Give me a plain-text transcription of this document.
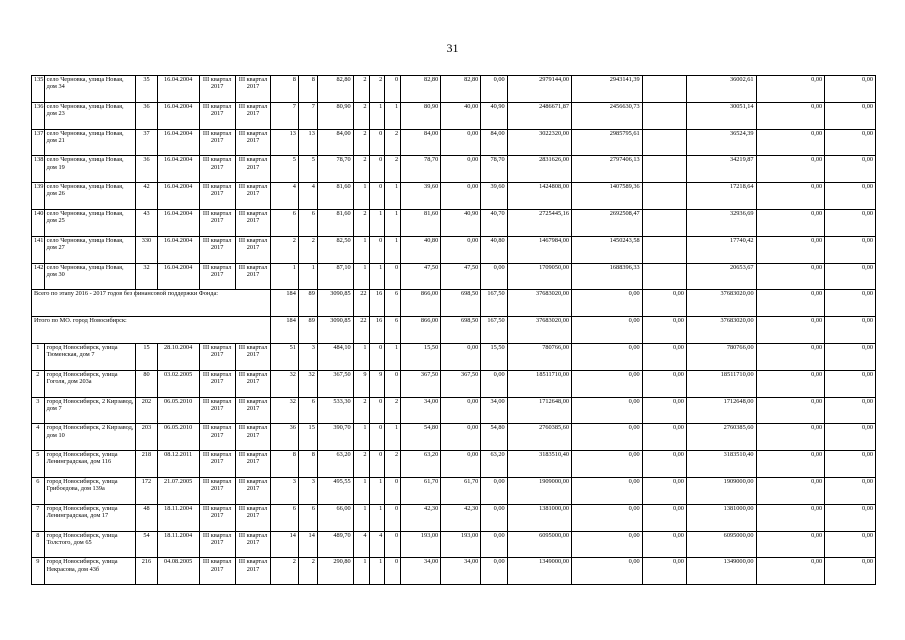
31
135	село Черновка, улица Новая, дом 34	35	16.04.2004	III квартал 2017	III квартал 2017	8	8	82,80	2	2	0	82,80	82,80	0,00	2979144,00	2943141,39		36002,61	0,00	0,00
136	село Черновка, улица Новая, дом 23	36	16.04.2004	III квартал 2017	III квартал 2017	7	7	80,90	2	1	1	80,90	40,00	40,90	2486671,87	2456630,73		30051,14	0,00	0,00
137	село Черновка, улица Новая, дом 21	37	16.04.2004	III квартал 2017	III квартал 2017	13	13	84,00	2	0	2	84,00	0,00	84,00	3022320,00	2985795,61		36524,39	0,00	0,00
138	село Черновка, улица Новая, дом 19	36	16.04.2004	III квартал 2017	III квартал 2017	5	5	78,70	2	0	2	78,70	0,00	78,70	2831626,00	2797406,13		34219,87	0,00	0,00
139	село Черновка, улица Новая, дом 26	42	16.04.2004	III квартал 2017	III квартал 2017	4	4	81,60	1	0	1	39,60	0,00	39,60	1424808,00	1407589,36		17218,64	0,00	0,00
140	село Черновка, улица Новая, дом 25	43	16.04.2004	III квартал 2017	III квартал 2017	6	6	81,60	2	1	1	81,60	40,90	40,70	2725445,16	2692508,47		32936,69	0,00	0,00
141	село Черновка, улица Новая, дом 27	330	16.04.2004	III квартал 2017	III квартал 2017	2	2	82,50	1	0	1	40,80	0,00	40,80	1467984,00	1450243,58		17740,42	0,00	0,00
142	село Черновка, улица Новая, дом 30	32	16.04.2004	III квартал 2017	III квартал 2017	1	1	87,10	1	1	0	47,50	47,50	0,00	1709050,00	1688396,33		20653,67	0,00	0,00
Всего по этапу 2016 - 2017 годов без финансовой поддержки Фонда:						184	89	3090,85	22	16	6	866,00	698,50	167,50	37683020,00	0,00	0,00	37683020,00	0,00	0,00
Итого по МО. город Новосибирск:						184	89	3090,85	22	16	6	866,00	698,50	167,50	37683020,00	0,00	0,00	37683020,00	0,00	0,00
1	город Новосибирск, улица Тюменская, дом 7	15	28.10.2004	III квартал 2017	III квартал 2017	51	3	484,10	1	0	1	15,50	0,00	15,50	780766,00	0,00	0,00	780766,00	0,00	0,00
2	город Новосибирск, улица Гоголя, дом 203а	80	03.02.2005	III квартал 2017	III квартал 2017	32	32	367,50	9	9	0	367,50	367,50	0,00	18511710,00	0,00	0,00	18511710,00	0,00	0,00
3	город Новосибирск, 2 Кирзавод, дом 7	202	06.05.2010	III квартал 2017	III квартал 2017	32	6	533,30	2	0	2	34,00	0,00	34,00	1712648,00	0,00	0,00	1712648,00	0,00	0,00
4	город Новосибирск, 2 Кирзавод, дом 10	203	06.05.2010	III квартал 2017	III квартал 2017	36	15	390,70	1	0	1	54,80	0,00	54,80	2760385,60	0,00	0,00	2760385,60	0,00	0,00
5	город Новосибирск, улица Ленинградская, дом 116	218	08.12.2011	III квартал 2017	III квартал 2017	8	8	63,20	2	0	2	63,20	0,00	63,20	3183510,40	0,00	0,00	3183510,40	0,00	0,00
6	город Новосибирск, улица Грибоедова, дом 139а	172	21.07.2005	III квартал 2017	III квартал 2017	3	3	495,55	1	1	0	61,70	61,70	0,00	1909000,00	0,00	0,00	1909000,00	0,00	0,00
7	город Новосибирск, улица Ленинградская, дом 17	48	18.11.2004	III квартал 2017	III квартал 2017	6	6	66,00	1	1	0	42,30	42,30	0,00	1381000,00	0,00	0,00	1381000,00	0,00	0,00
8	город Новосибирск, улица Толстого, дом 65	54	18.11.2004	III квартал 2017	III квартал 2017	14	14	489,70	4	4	0	193,00	193,00	0,00	6095000,00	0,00	0,00	6095000,00	0,00	0,00
9	город Новосибирск, улица Некрасова, дом 43б	216	04.08.2005	III квартал 2017	III квартал 2017	2	2	290,80	1	1	0	34,00	34,00	0,00	1349000,00	0,00	0,00	1349000,00	0,00	0,00
